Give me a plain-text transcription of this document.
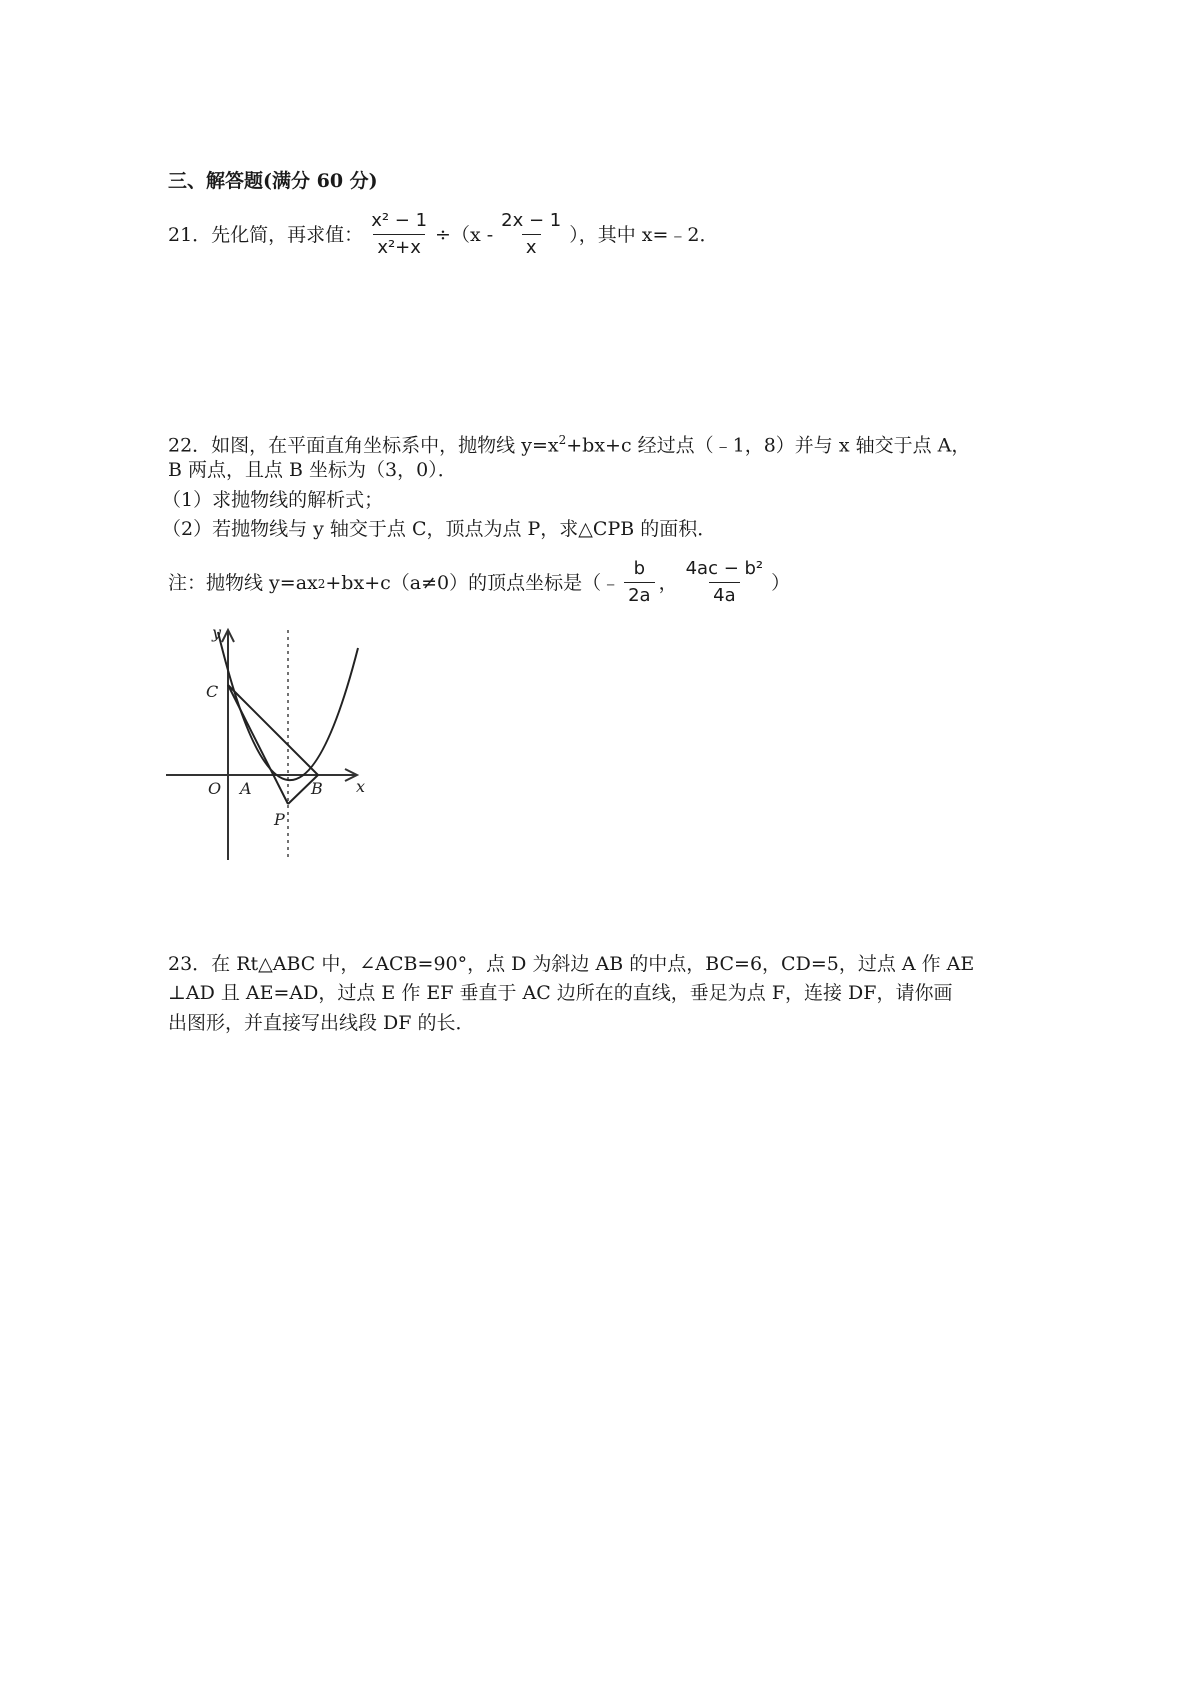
三、解答题(满分 60 分)
21．先化简，再求值： $\frac{\text{x² − 1}}{\text{x²+x}} \div(x - \frac{2x - 1}{x}$ ），其中 x=﹣2．
22．如图，在平面直角坐标系中，抛物线 $y=x^2+bx+c$ 经过点（﹣1，8）并与 x 轴交于点 A，
B 两点，且点 B 坐标为（3，0）．
（1）求抛物线的解析式；
（2）若抛物线与 y 轴交于点 C，顶点为点 P，求△CPB 的面积．
注：抛物线 y=ax 2 +bx+c（a≠0）的顶点坐标是（﹣ $\frac{b}{2a}$ ， $\frac{\text{4ac − b²}}{4a}$ ）
y
x
O A	B
C
P
23．在 Rt△ABC 中，∠ACB=90°，点 D 为斜边 AB 的中点，BC=6，CD=5，过点 A 作 AE
⊥AD 且 AE=AD，过点 E 作 EF 垂直于 AC 边所在的直线，垂足为点 F，连接 DF，请你画
出图形，并直接写出线段 DF 的长．
